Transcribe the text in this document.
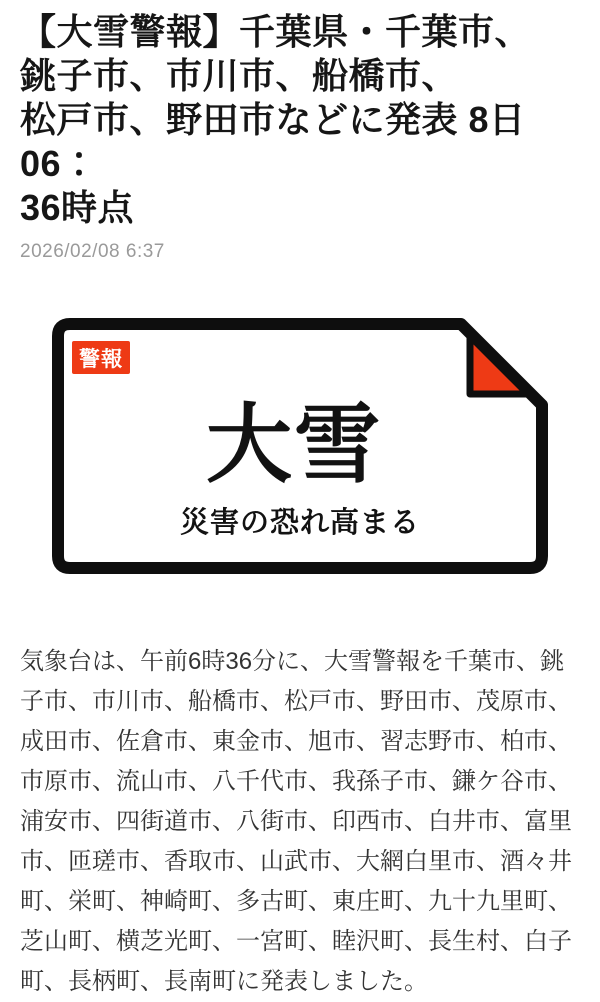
【大雪警報】千葉県・千葉市、
銚子市、市川市、船橋市、
松戸市、野田市などに発表 8日06：
36時点
2026/02/08 6:37
警報
大雪
災害の恐れ高まる

気象台は、午前6時36分に、大雪警報を千葉市、銚子市、市川市、船橋市、松戸市、野田市、茂原市、成田市、佐倉市、東金市、旭市、習志野市、柏市、市原市、流山市、八千代市、我孫子市、鎌ケ谷市、浦安市、四街道市、八街市、印西市、白井市、富里市、匝瑳市、香取市、山武市、大網白里市、酒々井町、栄町、神崎町、多古町、東庄町、九十九里町、芝山町、横芝光町、一宮町、睦沢町、長生村、白子町、長柄町、長南町に発表しました。
